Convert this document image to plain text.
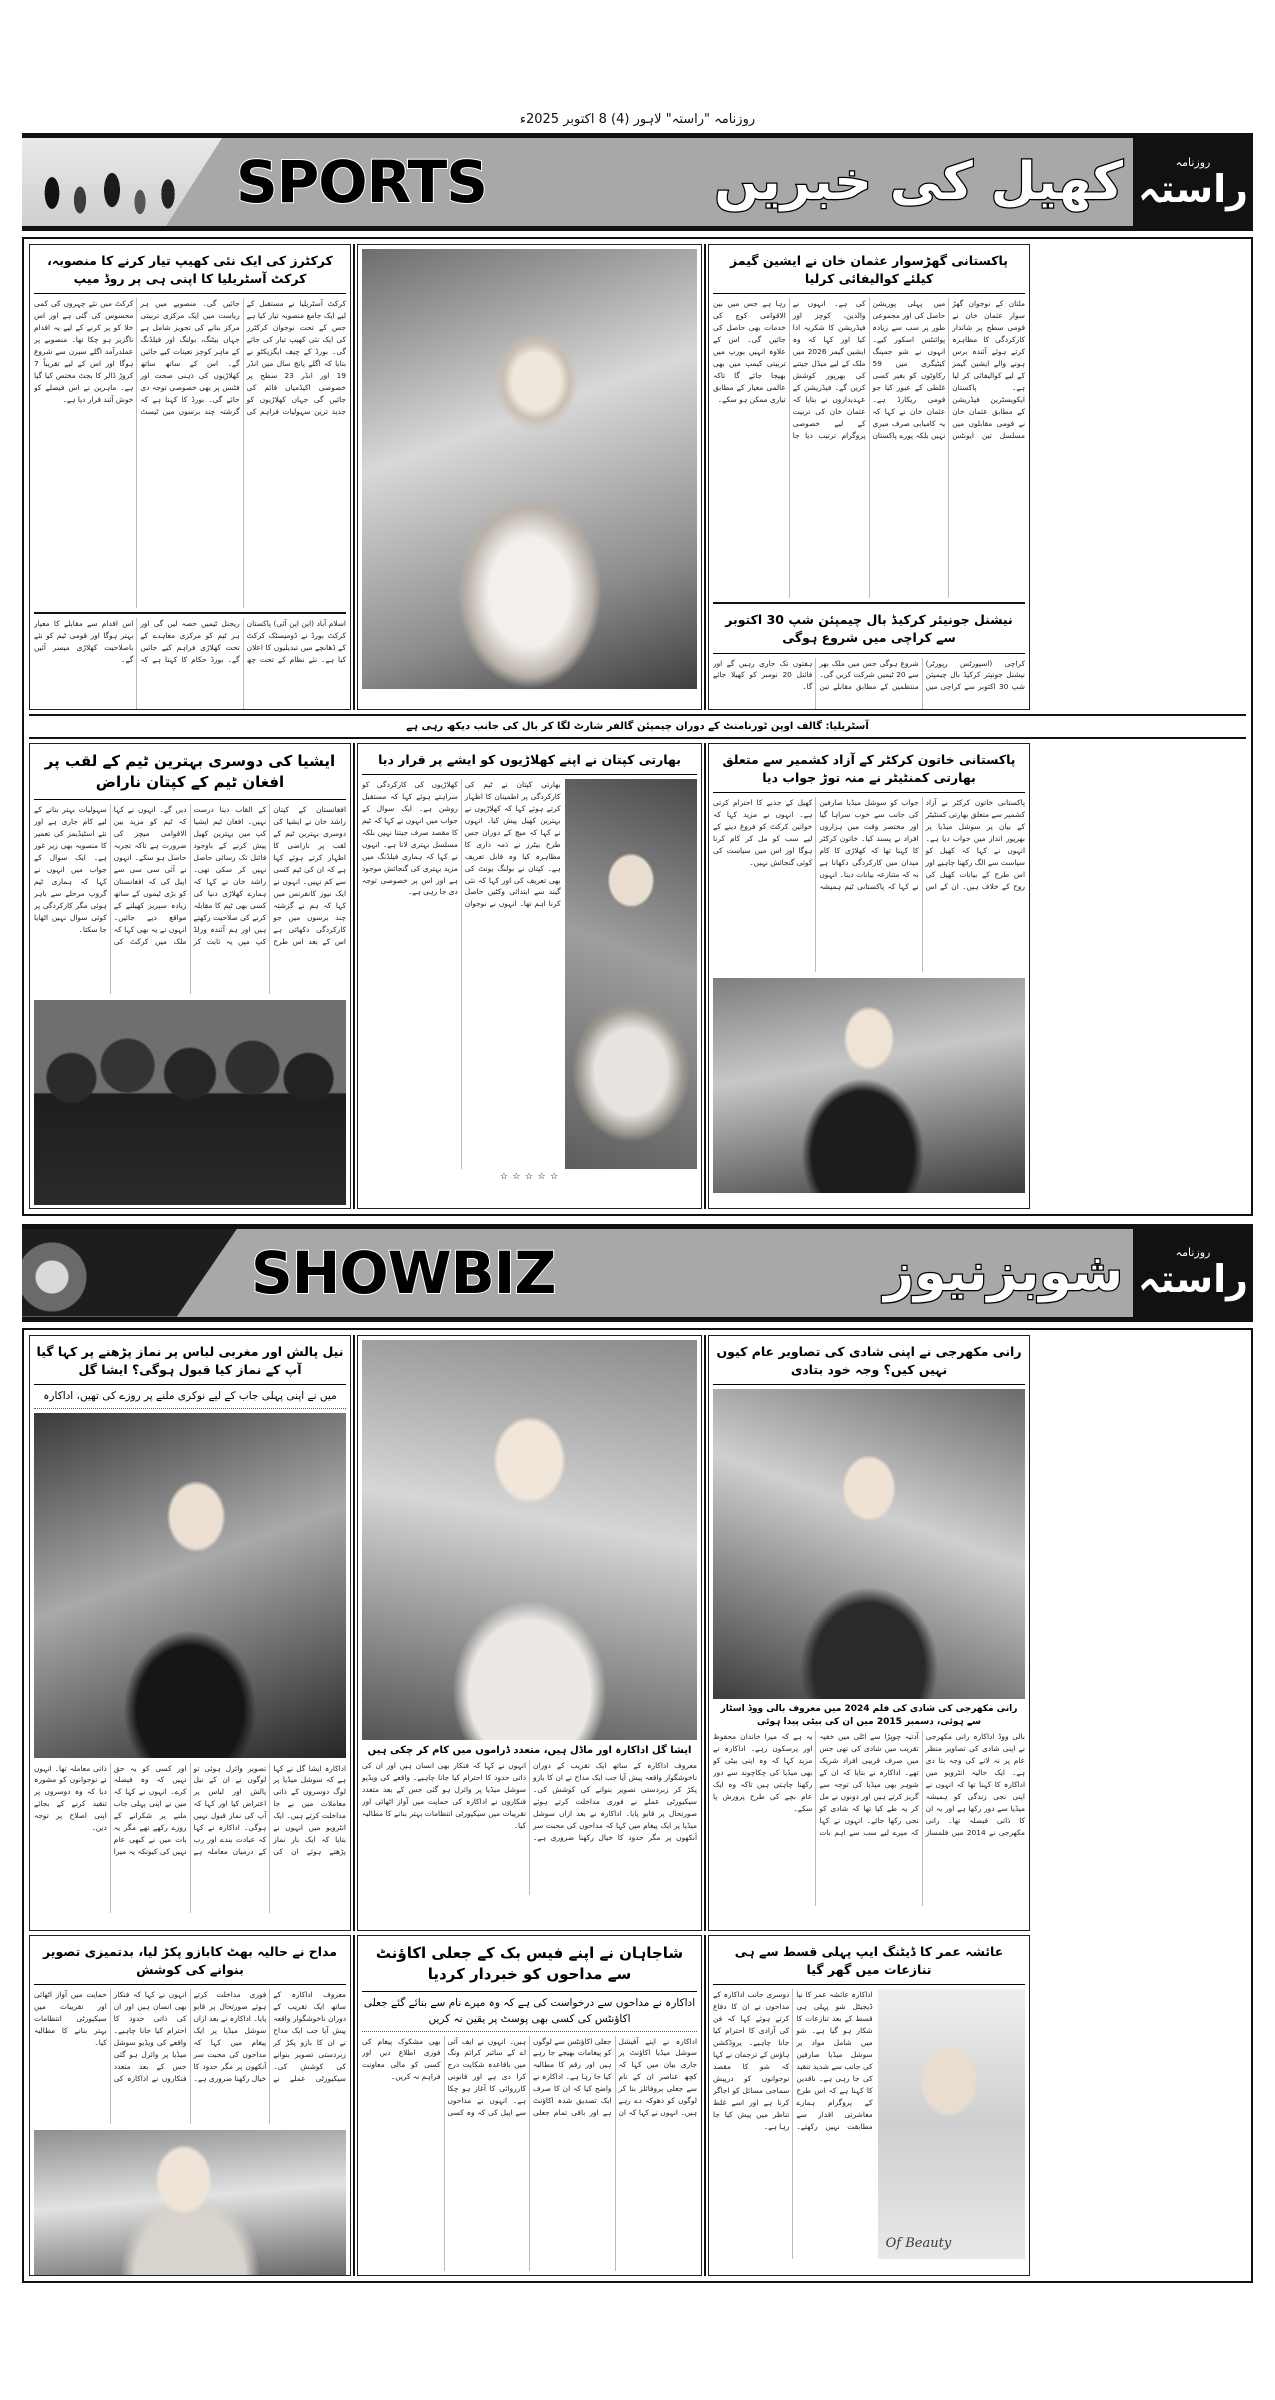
روزنامہ "راستہ" لاہور (4) 8 اکتوبر 2025ء
SPORTS	کھیل کی خبریں	روزنامہ
راستہ
کرکٹرز کی ایک نئی کھیپ تیار کرنے کا منصوبہ، کرکٹ آسٹریلیا کا اپنی ہی پر روڈ میپ
کرکٹ آسٹریلیا نے مستقبل کے لیے ایک جامع منصوبہ تیار کیا ہے جس کے تحت نوجوان کرکٹرز کی ایک نئی کھیپ تیار کی جائے گی۔ بورڈ کے چیف ایگزیکٹو نے بتایا کہ اگلے پانچ سال میں انڈر 19 اور انڈر 23 سطح پر خصوصی اکیڈمیاں قائم کی جائیں گی جہاں کھلاڑیوں کو جدید ترین سہولیات فراہم کی جائیں گی۔ منصوبے میں ہر ریاست میں ایک مرکزی تربیتی مرکز بنانے کی تجویز شامل ہے جہاں بیٹنگ، بولنگ اور فیلڈنگ کے ماہر کوچز تعینات کیے جائیں گے۔ اس کے ساتھ ساتھ کھلاڑیوں کی ذہنی صحت اور فٹنس پر بھی خصوصی توجہ دی جائے گی۔ بورڈ کا کہنا ہے کہ گزشتہ چند برسوں میں ٹیسٹ کرکٹ میں نئے چہروں کی کمی محسوس کی گئی ہے اور اس خلا کو پر کرنے کے لیے یہ اقدام ناگزیر ہو چکا تھا۔ منصوبے پر عملدرآمد اگلے سیزن سے شروع ہوگا اور اس کے لیے تقریباً 7 کروڑ ڈالر کا بجٹ مختص کیا گیا ہے۔ ماہرین نے اس فیصلے کو خوش آئند قرار دیا ہے۔
اسلام آباد (این این آئی) پاکستان کرکٹ بورڈ نے ڈومیسٹک کرکٹ کے ڈھانچے میں تبدیلیوں کا اعلان کیا ہے۔ نئے نظام کے تحت چھ ریجنل ٹیمیں حصہ لیں گی اور ہر ٹیم کو مرکزی معاہدے کے تحت کھلاڑی فراہم کیے جائیں گے۔ بورڈ حکام کا کہنا ہے کہ اس اقدام سے مقابلے کا معیار بہتر ہوگا اور قومی ٹیم کو نئے باصلاحیت کھلاڑی میسر آئیں گے۔
پاکستانی گھڑسوار عثمان خان نے ایشین گیمز کیلئے کوالیفائی کرلیا
ملتان کے نوجوان گھڑ سوار عثمان خان نے قومی سطح پر شاندار کارکردگی کا مظاہرہ کرتے ہوئے آئندہ برس ہونے والے ایشین گیمز کے لیے کوالیفائی کر لیا ہے۔ پاکستان ایکویسٹرین فیڈریشن کے مطابق عثمان خان نے قومی مقابلوں میں مسلسل تین ایونٹس میں پہلی پوزیشن حاصل کی اور مجموعی طور پر سب سے زیادہ پوائنٹس اسکور کیے۔ انہوں نے شو جمپنگ کیٹیگری میں 59 رکاوٹوں کو بغیر کسی غلطی کے عبور کیا جو قومی ریکارڈ ہے۔ عثمان خان نے کہا کہ یہ کامیابی صرف میری نہیں بلکہ پورے پاکستان کی ہے۔ انہوں نے والدین، کوچز اور فیڈریشن کا شکریہ ادا کیا اور کہا کہ وہ ایشین گیمز 2026 میں ملک کے لیے میڈل جیتنے کی بھرپور کوشش کریں گے۔ فیڈریشن کے عہدیداروں نے بتایا کہ عثمان خان کی تربیت کے لیے خصوصی پروگرام ترتیب دیا جا رہا ہے جس میں بین الاقوامی کوچ کی خدمات بھی حاصل کی جائیں گی۔ اس کے علاوہ انہیں یورپ میں تربیتی کیمپ میں بھی بھیجا جائے گا تاکہ عالمی معیار کے مطابق تیاری ممکن ہو سکے۔
نیشنل جونیئر کرکیڈ بال چیمپئن شپ 30 اکتوبر سے کراچی میں شروع ہوگی
کراچی (اسپورٹس رپورٹر) نیشنل جونیئر کرکیڈ بال چیمپئن شپ 30 اکتوبر سے کراچی میں شروع ہوگی جس میں ملک بھر سے 20 ٹیمیں شرکت کریں گی۔ منتظمین کے مطابق مقابلے تین ہفتوں تک جاری رہیں گے اور فائنل 20 نومبر کو کھیلا جائے گا۔
آسٹریلیا: گالف اوپن ٹورنامنٹ کے دوران چیمپئن گالفر شارٹ لگا کر بال کی جانب دیکھ رہی ہے
ایشیا کی دوسری بہترین ٹیم کے لقب پر افغان ٹیم کے کپتان ناراض
افغانستان کے کپتان راشد خان نے ایشیا کی دوسری بہترین ٹیم کے لقب پر ناراضی کا اظہار کرتے ہوئے کہا ہے کہ ان کی ٹیم کسی سے کم نہیں۔ انہوں نے ایک نیوز کانفرنس میں کہا کہ ہم نے گزشتہ چند برسوں میں جو کارکردگی دکھائی ہے اس کے بعد اس طرح کے القاب دینا درست نہیں۔ افغان ٹیم ایشیا کپ میں بہترین کھیل پیش کرنے کے باوجود فائنل تک رسائی حاصل نہیں کر سکی تھی۔ راشد خان نے کہا کہ ہمارے کھلاڑی دنیا کی کسی بھی ٹیم کا مقابلہ کرنے کی صلاحیت رکھتے ہیں اور ہم آئندہ ورلڈ کپ میں یہ ثابت کر دیں گے۔ انہوں نے کہا کہ ٹیم کو مزید بین الاقوامی میچز کی ضرورت ہے تاکہ تجربہ حاصل ہو سکے۔ انہوں نے آئی سی سی سے اپیل کی کہ افغانستان کو بڑی ٹیموں کے ساتھ زیادہ سیریز کھیلنے کے مواقع دیے جائیں۔ انہوں نے یہ بھی کہا کہ ملک میں کرکٹ کی سہولیات بہتر بنانے کے لیے کام جاری ہے اور نئے اسٹیڈیمز کی تعمیر کا منصوبہ بھی زیر غور ہے۔ ایک سوال کے جواب میں انہوں نے کہا کہ ہماری ٹیم گروپ مرحلے سے باہر ہوئی مگر کارکردگی پر کوئی سوال نہیں اٹھایا جا سکتا۔
بھارتی کپتان نے اپنے کھلاڑیوں کو ایشے پر قرار دیا
بھارتی کپتان نے ٹیم کی کارکردگی پر اطمینان کا اظہار کرتے ہوئے کہا کہ کھلاڑیوں نے بہترین کھیل پیش کیا۔ انہوں نے کہا کہ میچ کے دوران جس طرح بیٹرز نے ذمہ داری کا مظاہرہ کیا وہ قابل تعریف ہے۔ کپتان نے بولنگ یونٹ کی بھی تعریف کی اور کہا کہ نئی گیند سے ابتدائی وکٹیں حاصل کرنا اہم تھا۔ انہوں نے نوجوان کھلاڑیوں کی کارکردگی کو سراہتے ہوئے کہا کہ مستقبل روشن ہے۔ ایک سوال کے جواب میں انہوں نے کہا کہ ٹیم کا مقصد صرف جیتنا نہیں بلکہ مسلسل بہتری لانا ہے۔ انہوں نے کہا کہ ہماری فیلڈنگ میں مزید بہتری کی گنجائش موجود ہے اور اس پر خصوصی توجہ دی جا رہی ہے۔
☆ ☆ ☆ ☆ ☆
پاکستانی خاتون کرکٹر کے آزاد کشمیر سے متعلق بھارتی کمنٹیٹر نے منہ توڑ جواب دیا
پاکستانی خاتون کرکٹر نے آزاد کشمیر سے متعلق بھارتی کمنٹیٹر کے بیان پر سوشل میڈیا پر بھرپور انداز میں جواب دیا ہے۔ انہوں نے کہا کہ کھیل کو سیاست سے الگ رکھنا چاہیے اور اس طرح کے بیانات کھیل کی روح کے خلاف ہیں۔ ان کے اس جواب کو سوشل میڈیا صارفین کی جانب سے خوب سراہا گیا اور مختصر وقت میں ہزاروں افراد نے پسند کیا۔ خاتون کرکٹر کا کہنا تھا کہ کھلاڑی کا کام میدان میں کارکردگی دکھانا ہے نہ کہ متنازعہ بیانات دینا۔ انہوں نے کہا کہ پاکستانی ٹیم ہمیشہ کھیل کے جذبے کا احترام کرتی ہے۔ انہوں نے مزید کہا کہ خواتین کرکٹ کو فروغ دینے کے لیے سب کو مل کر کام کرنا ہوگا اور اس میں سیاست کی کوئی گنجائش نہیں۔
SHOWBIZ	شوبزنیوز	روزنامہ
راستہ
نیل پالش اور مغربی لباس پر نماز پڑھنے پر کہا گیا آپ کے نماز کیا قبول ہوگی؟ ایشا گل
میں نے اپنی پہلی جاب کے لیے نوکری ملنے پر روزے کی تھیں، اداکارہ
اداکارہ ایشا گل نے کہا ہے کہ سوشل میڈیا پر لوگ دوسروں کے ذاتی معاملات میں بے جا مداخلت کرتے ہیں۔ ایک انٹرویو میں انہوں نے بتایا کہ ایک بار نماز پڑھتے ہوئے ان کی تصویر وائرل ہوئی تو لوگوں نے ان کے نیل پالش اور لباس پر اعتراض کیا اور کہا کہ آپ کی نماز قبول نہیں ہوگی۔ اداکارہ نے کہا کہ عبادت بندے اور رب کے درمیان معاملہ ہے اور کسی کو یہ حق نہیں کہ وہ فیصلہ کرے۔ انہوں نے کہا کہ میں نے اپنی پہلی جاب ملنے پر شکرانے کے روزے رکھے تھے مگر یہ بات میں نے کبھی عام نہیں کی کیونکہ یہ میرا ذاتی معاملہ تھا۔ انہوں نے نوجوانوں کو مشورہ دیا کہ وہ دوسروں پر تنقید کرنے کے بجائے اپنی اصلاح پر توجہ دیں۔
ایشا گل اداکارہ اور ماڈل ہیں، متعدد ڈراموں میں کام کر چکی ہیں
معروف اداکارہ کے ساتھ ایک تقریب کے دوران ناخوشگوار واقعہ پیش آیا جب ایک مداح نے ان کا بازو پکڑ کر زبردستی تصویر بنوانے کی کوشش کی۔ سیکیورٹی عملے نے فوری مداخلت کرتے ہوئے صورتحال پر قابو پایا۔ اداکارہ نے بعد ازاں سوشل میڈیا پر ایک پیغام میں کہا کہ مداحوں کی محبت سر آنکھوں پر مگر حدود کا خیال رکھنا ضروری ہے۔ انہوں نے کہا کہ فنکار بھی انسان ہیں اور ان کی ذاتی حدود کا احترام کیا جانا چاہیے۔ واقعے کی ویڈیو سوشل میڈیا پر وائرل ہو گئی جس کے بعد متعدد فنکاروں نے اداکارہ کی حمایت میں آواز اٹھائی اور تقریبات میں سیکیورٹی انتظامات بہتر بنانے کا مطالبہ کیا۔
رانی مکھرجی نے اپنی شادی کی تصاویر عام کیوں نہیں کیں؟ وجہ خود بتادی
رانی مکھرجی کی شادی کی فلم 2024 میں معروف بالی ووڈ اسٹار سے ہوئی، دسمبر 2015 میں ان کی بیٹی پیدا ہوئی
بالی ووڈ اداکارہ رانی مکھرجی نے اپنی شادی کی تصاویر منظر عام پر نہ لانے کی وجہ بتا دی ہے۔ ایک حالیہ انٹرویو میں اداکارہ کا کہنا تھا کہ انہوں نے اپنی نجی زندگی کو ہمیشہ میڈیا سے دور رکھا ہے اور یہ ان کا ذاتی فیصلہ تھا۔ رانی مکھرجی نے 2014 میں فلمساز آدتیہ چوپڑا سے اٹلی میں خفیہ تقریب میں شادی کی تھی جس میں صرف قریبی افراد شریک تھے۔ اداکارہ نے بتایا کہ ان کے شوہر بھی میڈیا کی توجہ سے گریز کرتے ہیں اور دونوں نے مل کر یہ طے کیا تھا کہ شادی کو نجی رکھا جائے۔ انہوں نے کہا کہ میرے لیے سب سے اہم بات یہ ہے کہ میرا خاندان محفوظ اور پرسکون رہے۔ اداکارہ نے مزید کہا کہ وہ اپنی بیٹی کو بھی میڈیا کی چکاچوند سے دور رکھنا چاہتی ہیں تاکہ وہ ایک عام بچے کی طرح پرورش پا سکے۔
مداح نے حالیہ بھٹ کابازو پکڑ لیا، بدتمیزی تصویر بنوانے کی کوشش
معروف اداکارہ کے ساتھ ایک تقریب کے دوران ناخوشگوار واقعہ پیش آیا جب ایک مداح نے ان کا بازو پکڑ کر زبردستی تصویر بنوانے کی کوشش کی۔ سیکیورٹی عملے نے فوری مداخلت کرتے ہوئے صورتحال پر قابو پایا۔ اداکارہ نے بعد ازاں سوشل میڈیا پر ایک پیغام میں کہا کہ مداحوں کی محبت سر آنکھوں پر مگر حدود کا خیال رکھنا ضروری ہے۔ انہوں نے کہا کہ فنکار بھی انسان ہیں اور ان کی ذاتی حدود کا احترام کیا جانا چاہیے۔ واقعے کی ویڈیو سوشل میڈیا پر وائرل ہو گئی جس کے بعد متعدد فنکاروں نے اداکارہ کی حمایت میں آواز اٹھائی اور تقریبات میں سیکیورٹی انتظامات بہتر بنانے کا مطالبہ کیا۔
شاجاہان نے اپنے فیس بک کے جعلی اکاؤنٹ سے مداحوں کو خبردار کردیا
اداکارہ نے مداحوں سے درخواست کی ہے کہ وہ میرے نام سے بنائے گئے جعلی اکاؤنٹس کی کسی بھی پوسٹ پر یقین نہ کریں
اداکارہ نے اپنے آفیشل سوشل میڈیا اکاؤنٹ پر جاری بیان میں کہا کہ کچھ عناصر ان کے نام سے جعلی پروفائلز بنا کر لوگوں کو دھوکہ دے رہے ہیں۔ انہوں نے کہا کہ ان جعلی اکاؤنٹس سے لوگوں کو پیغامات بھیجے جا رہے ہیں اور رقم کا مطالبہ کیا جا رہا ہے۔ اداکارہ نے واضح کیا کہ ان کا صرف ایک تصدیق شدہ اکاؤنٹ ہے اور باقی تمام جعلی ہیں۔ انہوں نے ایف آئی اے کے سائبر کرائم ونگ میں باقاعدہ شکایت درج کرا دی ہے اور قانونی کارروائی کا آغاز ہو چکا ہے۔ انہوں نے مداحوں سے اپیل کی کہ وہ کسی بھی مشکوک پیغام کی فوری اطلاع دیں اور کسی کو مالی معاونت فراہم نہ کریں۔
عائشہ عمر کا ڈیٹنگ ایپ پہلی قسط سے ہی تنازعات میں گھر گیا
اداکارہ عائشہ عمر کا نیا ڈیجیٹل شو پہلی ہی قسط کے بعد تنازعات کا شکار ہو گیا ہے۔ شو میں شامل مواد پر سوشل میڈیا صارفین کی جانب سے شدید تنقید کی جا رہی ہے۔ ناقدین کا کہنا ہے کہ اس طرح کے پروگرام ہمارے معاشرتی اقدار سے مطابقت نہیں رکھتے۔ دوسری جانب اداکارہ کے مداحوں نے ان کا دفاع کرتے ہوئے کہا کہ فن کی آزادی کا احترام کیا جانا چاہیے۔ پروڈکشن ہاؤس کے ترجمان نے کہا کہ شو کا مقصد نوجوانوں کو درپیش سماجی مسائل کو اجاگر کرنا ہے اور اسے غلط تناظر میں پیش کیا جا رہا ہے۔
Of Beauty
